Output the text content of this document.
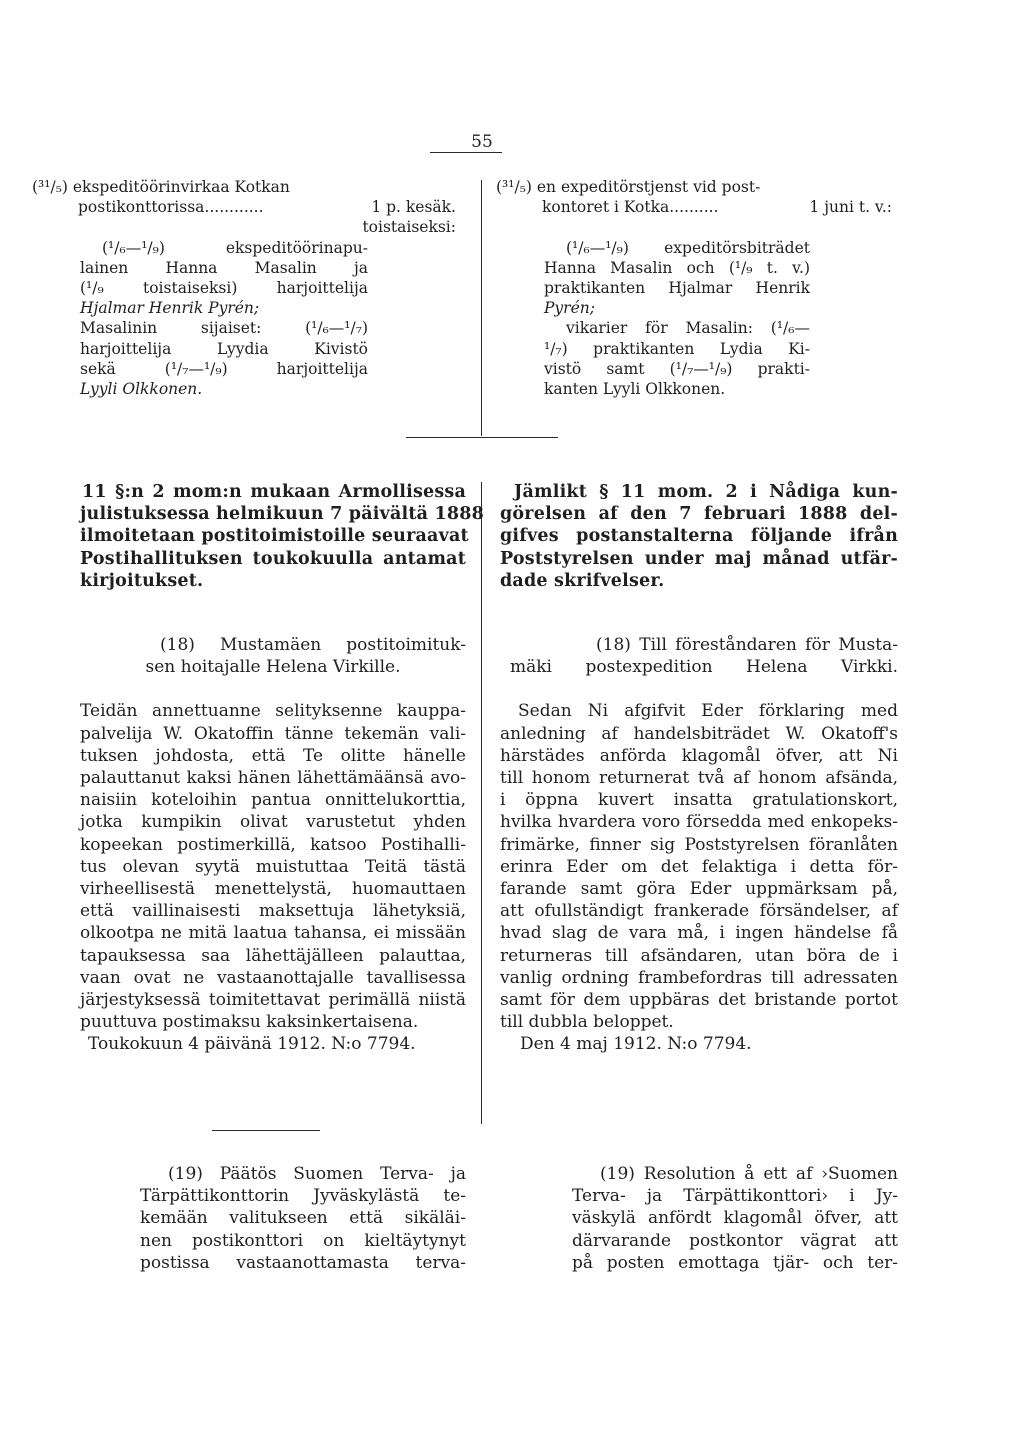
55
(³¹/₅) ekspeditöörinvirkaa Kotkan
postikonttorissa............	1 p. kesäk.
toistaiseksi:
(¹/₆—¹/₉) ekspeditöörinapu-
lainen Hanna Masalin ja
(¹/₉ toistaiseksi) harjoittelija
Hjalmar Henrik Pyrén;
Masalinin sijaiset: (¹/₆—¹/₇)
harjoittelija Lyydia Kivistö
sekä (¹/₇—¹/₉) harjoittelija
Lyyli Olkkonen.
(³¹/₅) en expeditörstjenst vid post-
kontoret i Kotka..........	1 juni t. v.:

(¹/₆—¹/₉) expeditörsbiträdet
Hanna Masalin och (¹/₉ t. v.)
praktikanten Hjalmar Henrik
Pyrén;
vikarier för Masalin: (¹/₆—
¹/₇) praktikanten Lydia Ki-
vistö samt (¹/₇—¹/₉) prakti-
kanten Lyyli Olkkonen.
11 §:n 2 mom:n mukaan Armollisessa
julistuksessa helmikuun 7 päivältä 1888
ilmoitetaan postitoimistoille seuraavat
Postihallituksen toukokuulla antamat
kirjoitukset.
Jämlikt § 11 mom. 2 i Nådiga kun-
görelsen af den 7 februari 1888 del-
gifves postanstalterna följande ifrån
Poststyrelsen under maj månad utfär-
dade skrifvelser.
(18) Mustamäen postitoimituk-
sen hoitajalle Helena Virkille.
Teidän annettuanne selityksenne kauppa-
palvelija W. Okatoffin tänne tekemän vali-
tuksen johdosta, että Te olitte hänelle
palauttanut kaksi hänen lähettämäänsä avo-
naisiin koteloihin pantua onnittelukorttia,
jotka kumpikin olivat varustetut yhden
kopeekan postimerkillä, katsoo Postihalli-
tus olevan syytä muistuttaa Teitä tästä
virheellisestä menettelystä, huomauttaen
että vaillinaisesti maksettuja lähetyksiä,
olkootpa ne mitä laatua tahansa, ei missään
tapauksessa saa lähettäjälleen palauttaa,
vaan ovat ne vastaanottajalle tavallisessa
järjestyksessä toimitettavat perimällä niistä
puuttuva postimaksu kaksinkertaisena.
Toukokuun 4 päivänä 1912. N:o 7794.
(18) Till föreståndaren för Musta-
mäki postexpedition Helena Virkki.
Sedan Ni afgifvit Eder förklaring med
anledning af handelsbiträdet W. Okatoff's
härstädes anförda klagomål öfver, att Ni
till honom returnerat två af honom afsända,
i öppna kuvert insatta gratulationskort,
hvilka hvardera voro försedda med enkopeks-
frimärke, finner sig Poststyrelsen föranlåten
erinra Eder om det felaktiga i detta för-
farande samt göra Eder uppmärksam på,
att ofullständigt frankerade försändelser, af
hvad slag de vara må, i ingen händelse få
returneras till afsändaren, utan böra de i
vanlig ordning frambefordras till adressaten
samt för dem uppbäras det bristande portot
till dubbla beloppet.
Den 4 maj 1912. N:o 7794.
(19) Päätös Suomen Terva- ja
Tärpättikonttorin Jyväskylästä te-
kemään valitukseen että sikäläi-
nen postikonttori on kieltäytynyt
postissa vastaanottamasta terva-
(19) Resolution å ett af ›Suomen
Terva- ja Tärpättikonttori› i Jy-
väskylä anfördt klagomål öfver, att
därvarande postkontor vägrat att
på posten emottaga tjär- och ter-
